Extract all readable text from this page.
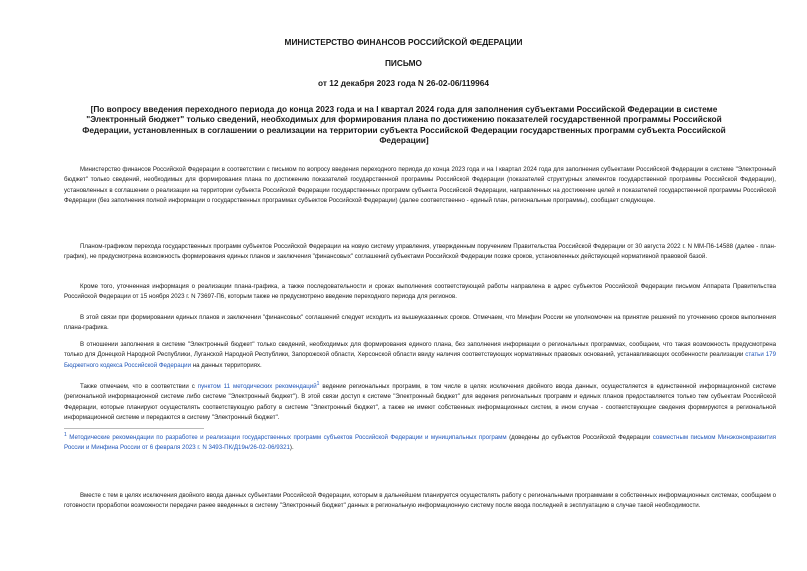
МИНИСТЕРСТВО ФИНАНСОВ РОССИЙСКОЙ ФЕДЕРАЦИИ
ПИСЬМО
от 12 декабря 2023 года N 26-02-06/119964
[По вопросу введения переходного периода до конца 2023 года и на I квартал 2024 года для заполнения субъектами Российской Федерации в системе "Электронный бюджет" только сведений, необходимых для формирования плана по достижению показателей государственной программы Российской Федерации, установленных в соглашении о реализации на территории субъекта Российской Федерации государственных программ субъекта Российской Федерации]
Министерство финансов Российской Федерации в соответствии с письмом по вопросу введения переходного периода до конца 2023 года и на I квартал 2024 года для заполнения субъектами Российской Федерации в системе "Электронный бюджет" только сведений, необходимых для формирования плана по достижению показателей государственной программы Российской Федерации (показателей структурных элементов государственной программы Российской Федерации), установленных в соглашении о реализации на территории субъекта Российской Федерации государственных программ субъекта Российской Федерации, направленных на достижение целей и показателей государственной программы Российской Федерации (без заполнения полной информации о государственных программах субъектов Российской Федерации) (далее соответственно - единый план, региональные программы), сообщает следующее.
Планом-графиком перехода государственных программ субъектов Российской Федерации на новую систему управления, утвержденным поручением Правительства Российской Федерации от 30 августа 2022 г. N ММ-П6-14588 (далее - план-график), не предусмотрена возможность формирования единых планов и заключения "финансовых" соглашений субъектами Российской Федерации позже сроков, установленных действующей нормативной правовой базой.
Кроме того, уточненная информация о реализации плана-графика, а также последовательности и сроках выполнения соответствующей работы направлена в адрес субъектов Российской Федерации письмом Аппарата Правительства Российской Федерации от 15 ноября 2023 г. N 73697-П6, которым также не предусмотрено введение переходного периода для регионов.
В этой связи при формировании единых планов и заключении "финансовых" соглашений следует исходить из вышеуказанных сроков. Отмечаем, что Минфин России не уполномочен на принятие решений по уточнению сроков выполнения плана-графика.
В отношении заполнения в системе "Электронный бюджет" только сведений, необходимых для формирования единого плана, без заполнения информации о региональных программах, сообщаем, что такая возможность предусмотрена только для Донецкой Народной Республики, Луганской Народной Республики, Запорожской области, Херсонской области ввиду наличия соответствующих нормативных правовых оснований, устанавливающих особенности реализации статьи 179 Бюджетного кодекса Российской Федерации на данных территориях.
Также отмечаем, что в соответствии с пунктом 11 методических рекомендаций$^1$ ведение региональных программ, в том числе в целях исключения двойного ввода данных, осуществляется в единственной информационной системе (региональной информационной системе либо системе "Электронный бюджет"). В этой связи доступ к системе "Электронный бюджет" для ведения региональных программ и единых планов предоставляется только тем субъектам Российской Федерации, которые планируют осуществлять соответствующую работу в системе "Электронный бюджет", а также не имеют собственных информационных систем, в ином случае - соответствующие сведения формируются в региональной информационной системе и передаются в систему "Электронный бюджет".
$^1$ Методические рекомендации по разработке и реализации государственных программ субъектов Российской Федерации и муниципальных программ (доведены до субъектов Российской Федерации совместным письмом Минэкономразвития России и Минфина России от 6 февраля 2023 г. N 3493-ПК/Д19н/26-02-06/9321).
Вместе с тем в целях исключения двойного ввода данных субъектами Российской Федерации, которым в дальнейшем планируется осуществлять работу с региональными программами в собственных информационных системах, сообщаем о готовности проработки возможности передачи ранее введенных в систему "Электронный бюджет" данных в региональную информационную систему после ввода последней в эксплуатацию в случае такой необходимости.
